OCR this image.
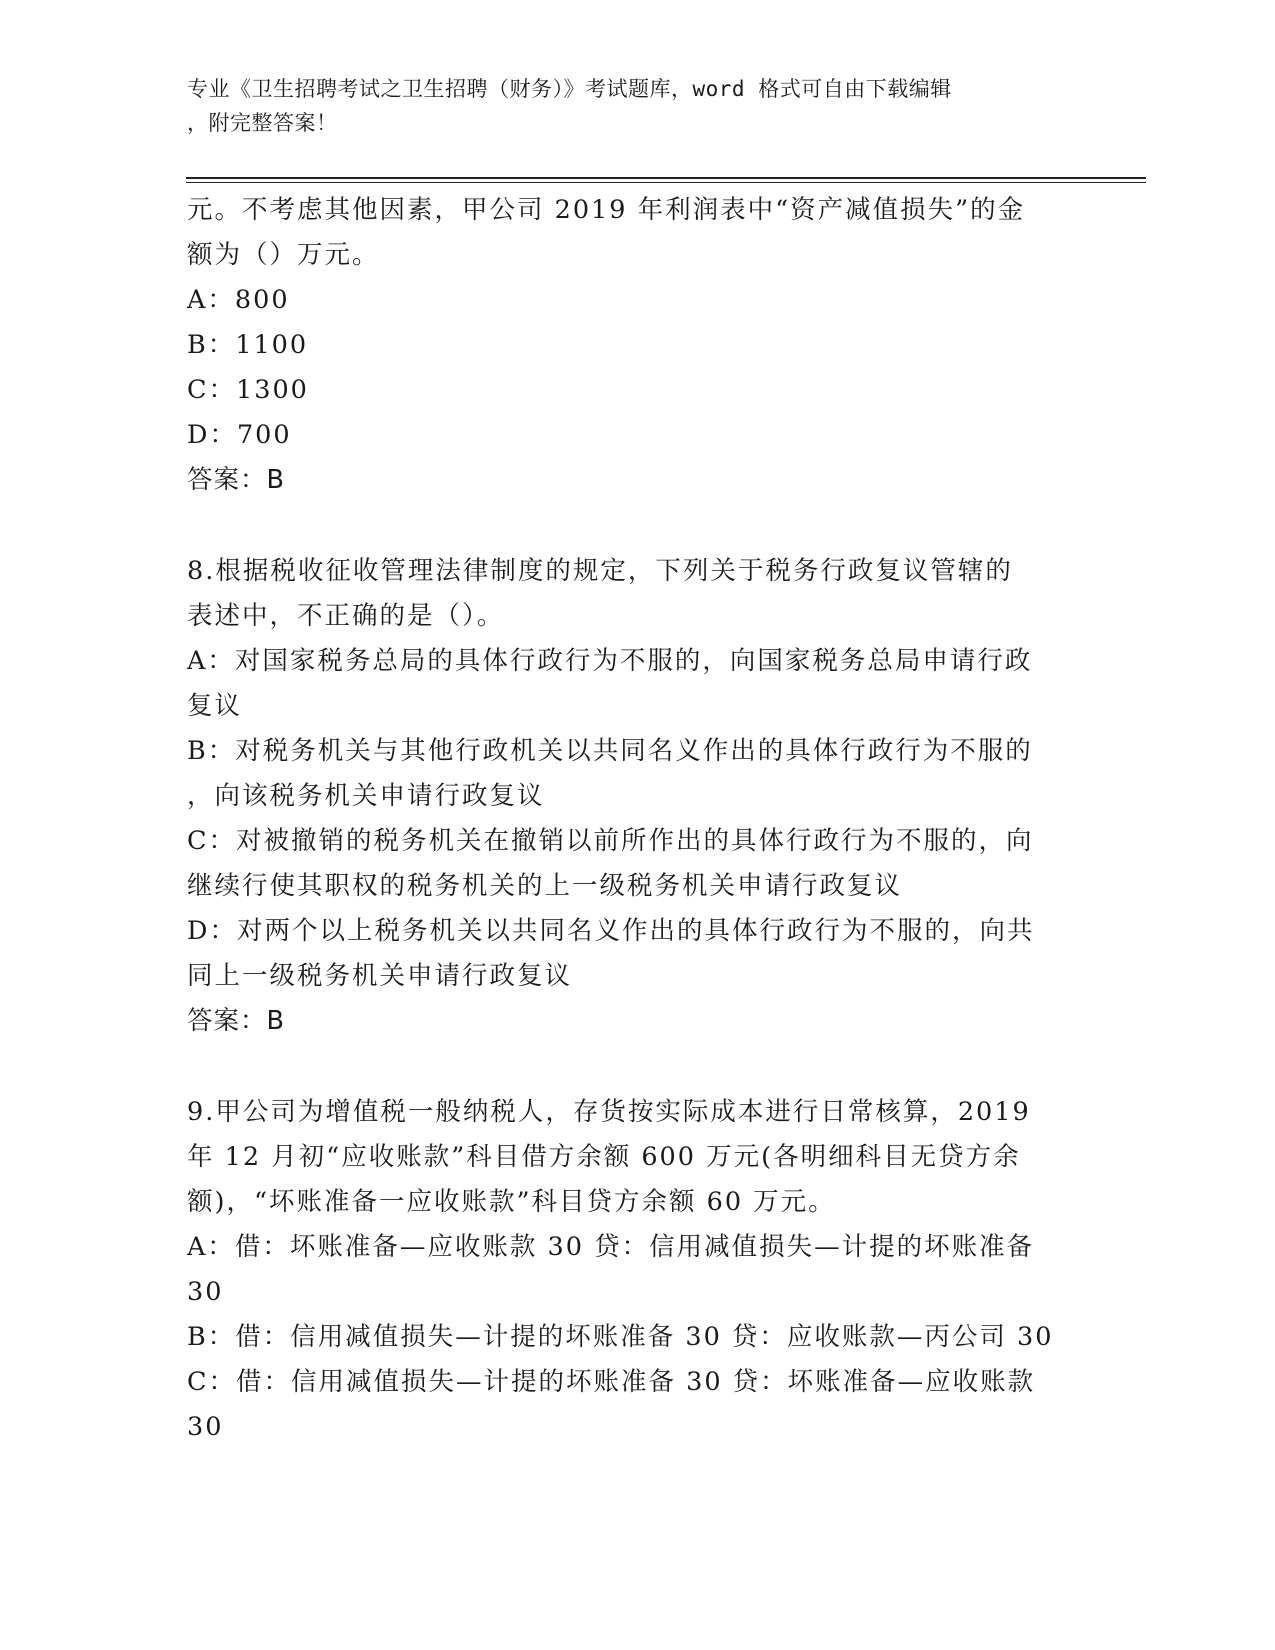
专业《卫生招聘考试之卫生招聘（财务）》考试题库，word 格式可自由下载编辑
，附完整答案！
元。不考虑其他因素，甲公司 2019 年利润表中“资产减值损失”的金
额为（）万元。
A：800
B：1100
C：1300
D：700
答案：B
8.根据税收征收管理法律制度的规定，下列关于税务行政复议管辖的
表述中，不正确的是（）。
A：对国家税务总局的具体行政行为不服的，向国家税务总局申请行政
复议
B：对税务机关与其他行政机关以共同名义作出的具体行政行为不服的
，向该税务机关申请行政复议
C：对被撤销的税务机关在撤销以前所作出的具体行政行为不服的，向
继续行使其职权的税务机关的上一级税务机关申请行政复议
D：对两个以上税务机关以共同名义作出的具体行政行为不服的，向共
同上一级税务机关申请行政复议
答案：B
9.甲公司为增值税一般纳税人，存货按实际成本进行日常核算，2019
年 12 月初“应收账款”科目借方余额 600 万元(各明细科目无贷方余
额)，“坏账准备一应收账款”科目贷方余额 60 万元。
A：借：坏账准备—应收账款 30 贷：信用减值损失—计提的坏账准备
30
B：借：信用减值损失—计提的坏账准备 30 贷：应收账款—丙公司 30
C：借：信用减值损失—计提的坏账准备 30 贷：坏账准备—应收账款
30
